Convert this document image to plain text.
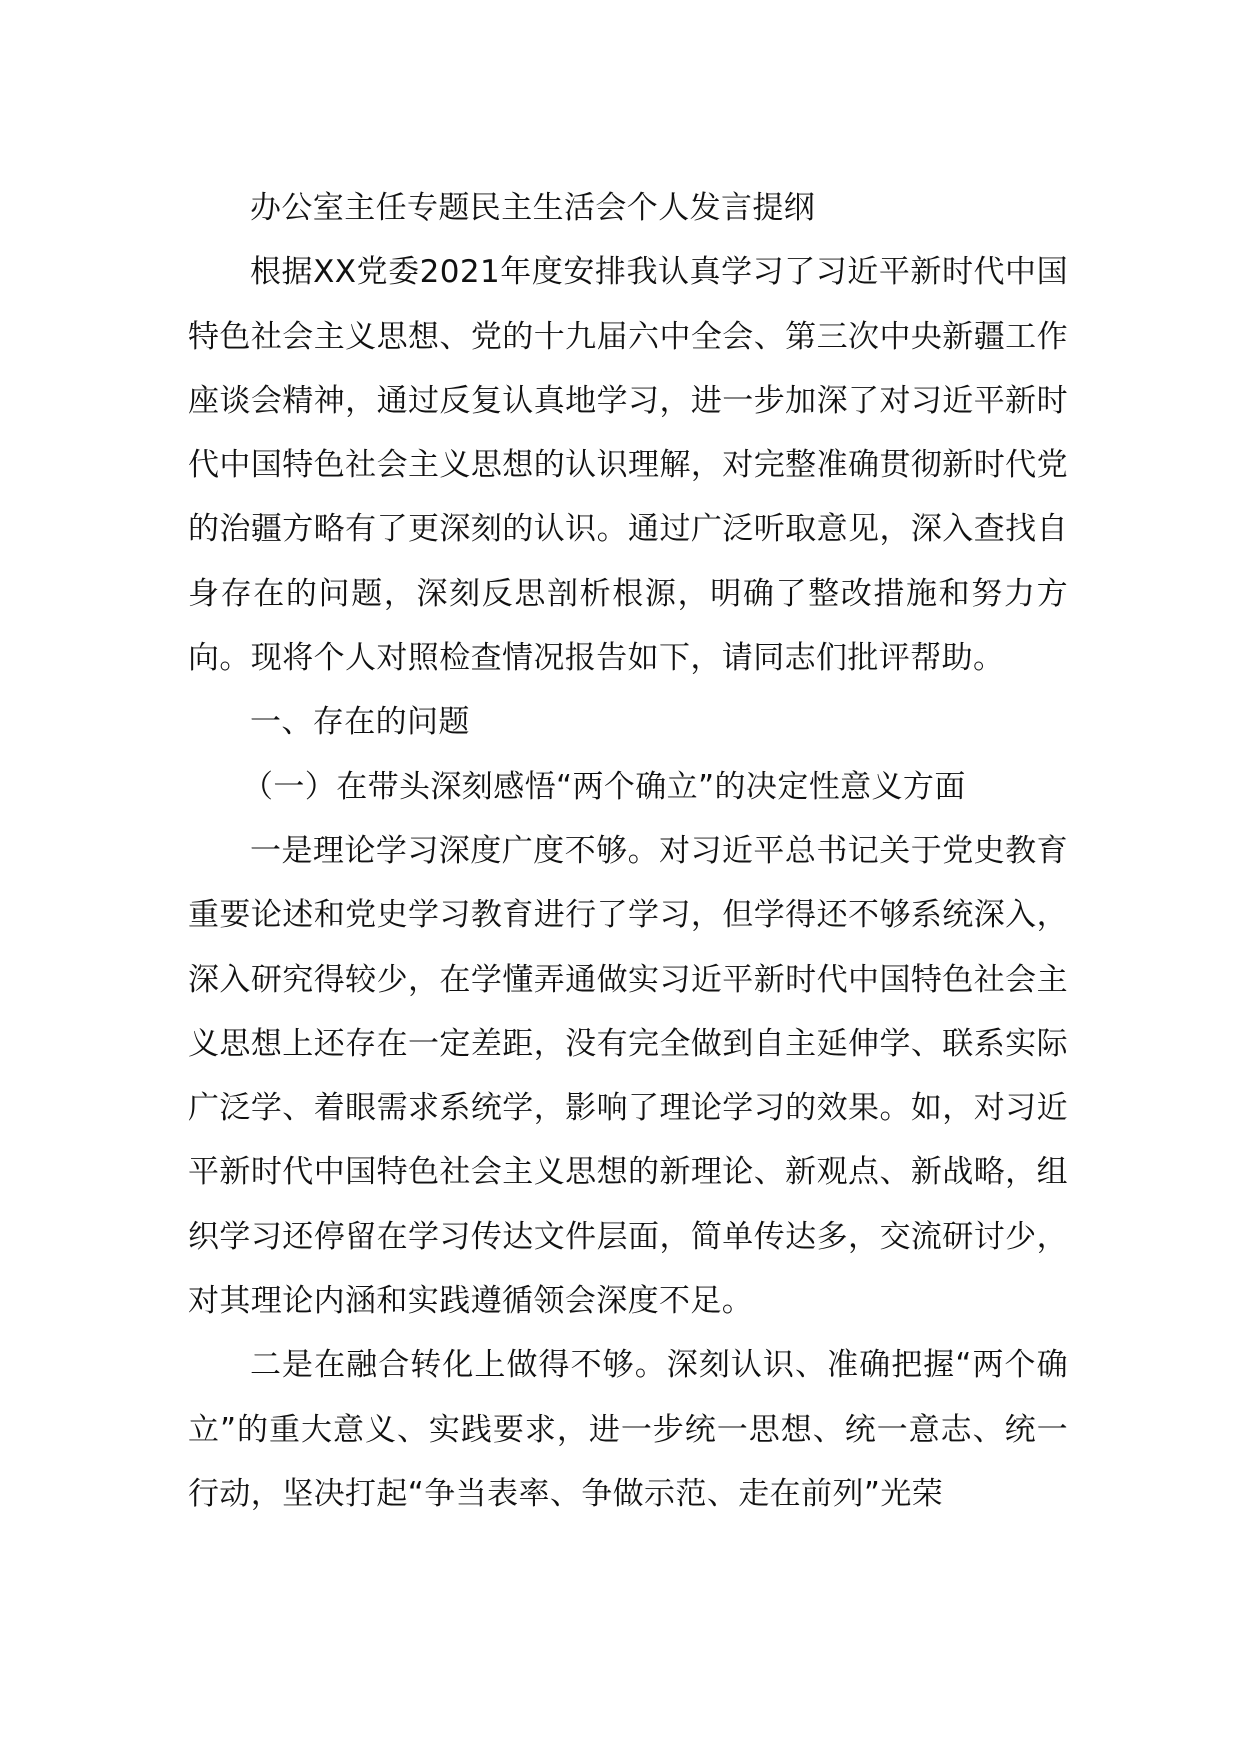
办公室主任专题民主生活会个人发言提纲

根据XX党委2021年度安排我认真学习了习近平新时代中国特色社会主义思想、党的十九届六中全会、第三次中央新疆工作座谈会精神，通过反复认真地学习，进一步加深了对习近平新时代中国特色社会主义思想的认识理解，对完整准确贯彻新时代党的治疆方略有了更深刻的认识。通过广泛听取意见，深入查找自身存在的问题，深刻反思剖析根源，明确了整改措施和努力方向。现将个人对照检查情况报告如下，请同志们批评帮助。

一、存在的问题

（一）在带头深刻感悟“两个确立”的决定性意义方面

一是理论学习深度广度不够。对习近平总书记关于党史教育重要论述和党史学习教育进行了学习，但学得还不够系统深入，深入研究得较少，在学懂弄通做实习近平新时代中国特色社会主义思想上还存在一定差距，没有完全做到自主延伸学、联系实际广泛学、着眼需求系统学，影响了理论学习的效果。如，对习近平新时代中国特色社会主义思想的新理论、新观点、新战略，组织学习还停留在学习传达文件层面，简单传达多，交流研讨少，对其理论内涵和实践遵循领会深度不足。

二是在融合转化上做得不够。深刻认识、准确把握“两个确立”的重大意义、实践要求，进一步统一思想、统一意志、统一行动，坚决打起“争当表率、争做示范、走在前列”光荣
